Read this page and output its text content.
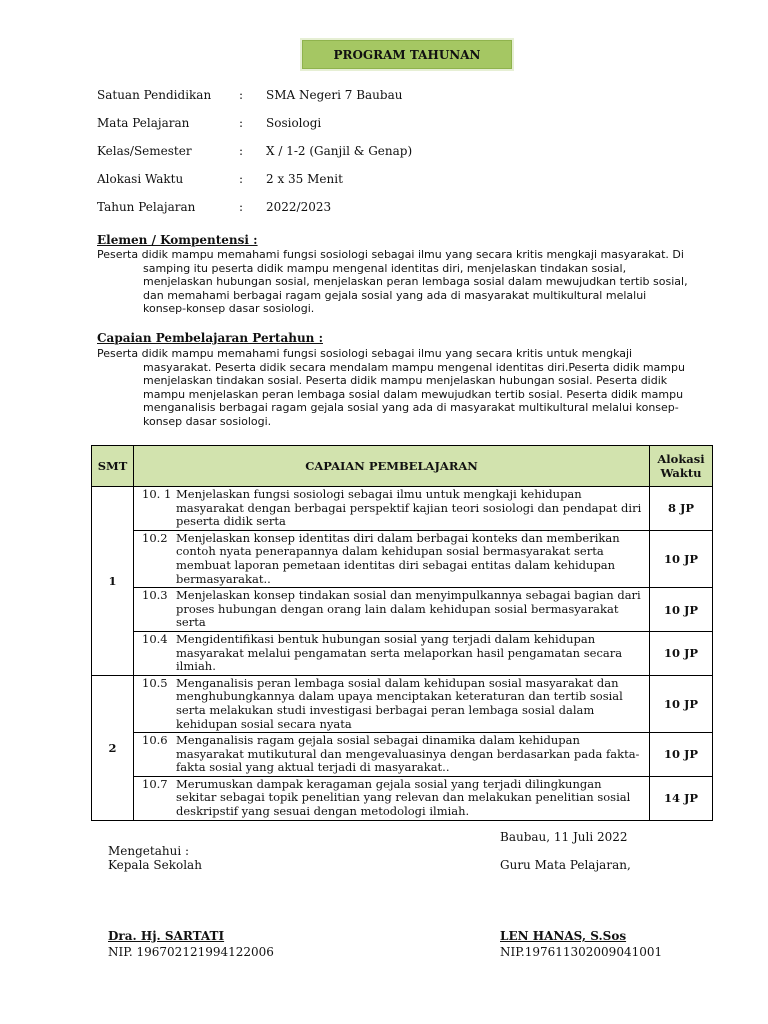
PROGRAM TAHUNAN
Satuan Pendidikan : SMA Negeri 7 Baubau
Mata Pelajaran	: Sosiologi
Kelas/Semester	: X / 1-2 (Ganjil & Genap)
Alokasi Waktu	: 2 x 35 Menit
Tahun Pelajaran	: 2022/2023
Elemen / Kompentensi :
Peserta didik mampu memahami fungsi sosiologi sebagai ilmu yang secara kritis mengkaji masyarakat. Di samping itu peserta didik mampu mengenal identitas diri, menjelaskan tindakan sosial, menjelaskan hubungan sosial, menjelaskan peran lembaga sosial dalam mewujudkan tertib sosial, dan memahami berbagai ragam gejala sosial yang ada di masyarakat multikultural melalui konsep-konsep dasar sosiologi.
Capaian Pembelajaran Pertahun :
Peserta didik mampu memahami fungsi sosiologi sebagai ilmu yang secara kritis untuk mengkaji masyarakat. Peserta didik secara mendalam mampu mengenal identitas diri.Peserta didik mampu menjelaskan tindakan sosial. Peserta didik mampu menjelaskan hubungan sosial. Peserta didik mampu menjelaskan peran lembaga sosial dalam mewujudkan tertib sosial. Peserta didik mampu menganalisis berbagai ragam gejala sosial yang ada di masyarakat multikultural melalui konsep-konsep dasar sosiologi.
SMT	CAPAIAN PEMBELAJARAN	Alokasi
Waktu

1	10. 1 Menjelaskan fungsi sosiologi sebagai ilmu untuk mengkaji kehidupan masyarakat dengan berbagai perspektif kajian teori sosiologi dan pendapat diri peserta didik serta	8 JP

	10.2 Menjelaskan konsep identitas diri dalam berbagai konteks dan memberikan contoh nyata penerapannya dalam kehidupan sosial bermasyarakat serta membuat laporan pemetaan identitas diri sebagai entitas dalam kehidupan bermasyarakat..	10 JP

	10.3 Menjelaskan konsep tindakan sosial dan menyimpulkannya sebagai bagian dari proses hubungan dengan orang lain dalam kehidupan sosial bermasyarakat serta	10 JP

	10.4 Mengidentifikasi bentuk hubungan sosial yang terjadi dalam kehidupan masyarakat melalui pengamatan serta melaporkan hasil pengamatan secara ilmiah.	10 JP
2	10.5 Menganalisis peran lembaga sosial dalam kehidupan sosial masyarakat dan menghubungkannya dalam upaya menciptakan keteraturan dan tertib sosial serta melakukan studi investigasi berbagai peran lembaga sosial dalam kehidupan sosial secara nyata	10 JP

	10.6 Menganalisis ragam gejala sosial sebagai dinamika dalam kehidupan masyarakat mutikutural dan mengevaluasinya dengan berdasarkan pada fakta-fakta sosial yang aktual terjadi di masyarakat..	10 JP

	10.7 Merumuskan dampak keragaman gejala sosial yang terjadi dilingkungan sekitar sebagai topik penelitian yang relevan dan melakukan penelitian sosial deskripstif yang sesuai dengan metodologi ilmiah.	14 JP
Baubau, 11 Juli 2022
Mengetahui :
Kepala Sekolah	Guru Mata Pelajaran,
Dra. Hj. SARTATI
NIP. 196702121994122006
LEN HANAS, S.Sos
NIP.197611302009041001
